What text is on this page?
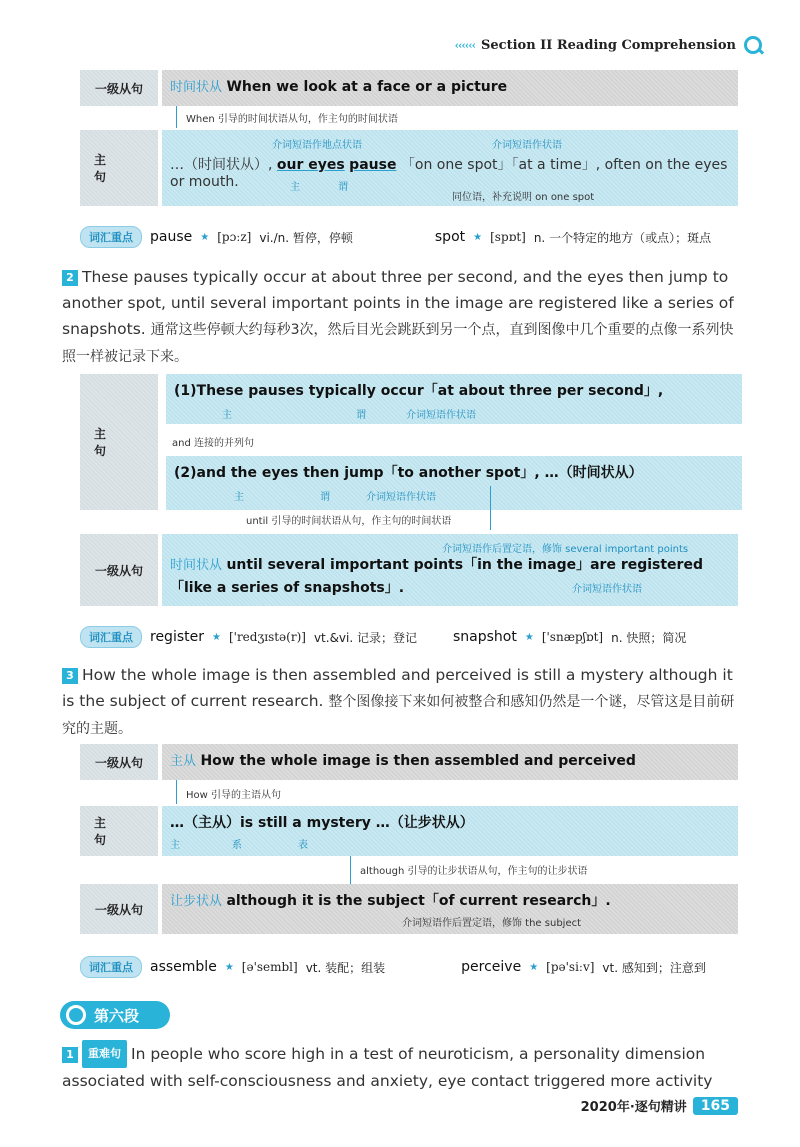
‹‹‹‹‹‹ Section II Reading Comprehension
一级从句	时间状从 When we look at a face or a picture
When 引导的时间状语从句，作主句的时间状语
主 句
介词短语作地点状语	介词短语作状语
…（时间状从）, our eyes pause 「on one spot」「at a time」, often on the eyes or mouth.	主	谓
同位语，补充说明 on one spot
词汇重点	pause ★ [pɔːz] vi./n. 暂停，停顿	spot ★ [spɒt] n. 一个特定的地方（或点）；斑点
2 These pauses typically occur at about three per second, and the eyes then jump to another spot, until several important points in the image are registered like a series of snapshots. 通常这些停顿大约每秒3次，然后目光会跳跃到另一个点，直到图像中几个重要的点像一系列快照一样被记录下来。
主 句
(1)These pauses typically occur「at about three per second」,
主	谓	介词短语作状语
and 连接的并列句
(2)and the eyes then jump「to another spot」, …（时间状从）
主	谓	介词短语作状语
until 引导的时间状语从句，作主句的时间状语
一级从句
介词短语作后置定语，修饰 several important points
时间状从 until several important points「in the image」are registered「like a series of snapshots」.	介词短语作状语
词汇重点	register ★ ['redʒɪstə(r)] vt.&vi. 记录；登记	snapshot ★ ['snæpʃɒt] n. 快照；简况
3 How the whole image is then assembled and perceived is still a mystery although it is the subject of current research. 整个图像接下来如何被整合和感知仍然是一个谜，尽管这是目前研究的主题。
一级从句	主从 How the whole image is then assembled and perceived
How 引导的主语从句
主 句
…（主从）is still a mystery …（让步状从）
主	系	表
although 引导的让步状语从句，作主句的让步状语
一级从句
让步状从 although it is the subject「of current research」.
介词短语作后置定语，修饰 the subject
词汇重点	assemble ★ [ə'sembl] vt. 装配；组装	perceive ★ [pə'siːv] vt. 感知到；注意到
第六段
1 重难句 In people who score high in a test of neuroticism, a personality dimension associated with self-consciousness and anxiety, eye contact triggered more activity
2020年·逐句精讲	165
